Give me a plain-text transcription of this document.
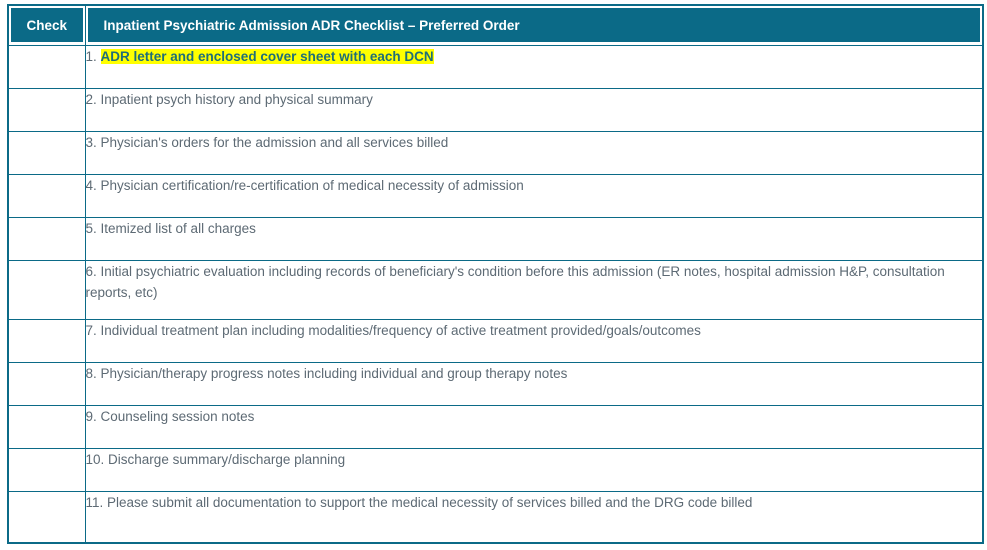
Check	Inpatient Psychiatric Admission ADR Checklist – Preferred Order

	1. ADR letter and enclosed cover sheet with each DCN
	2. Inpatient psych history and physical summary
	3. Physician's orders for the admission and all services billed
	4. Physician certification/re-certification of medical necessity of admission
	5. Itemized list of all charges
	6. Initial psychiatric evaluation including records of beneficiary's condition before this admission (ER notes, hospital admission H&P, consultation reports, etc)
	7. Individual treatment plan including modalities/frequency of active treatment provided/goals/outcomes
	8. Physician/therapy progress notes including individual and group therapy notes
	9. Counseling session notes
	10. Discharge summary/discharge planning
	11. Please submit all documentation to support the medical necessity of services billed and the DRG code billed
